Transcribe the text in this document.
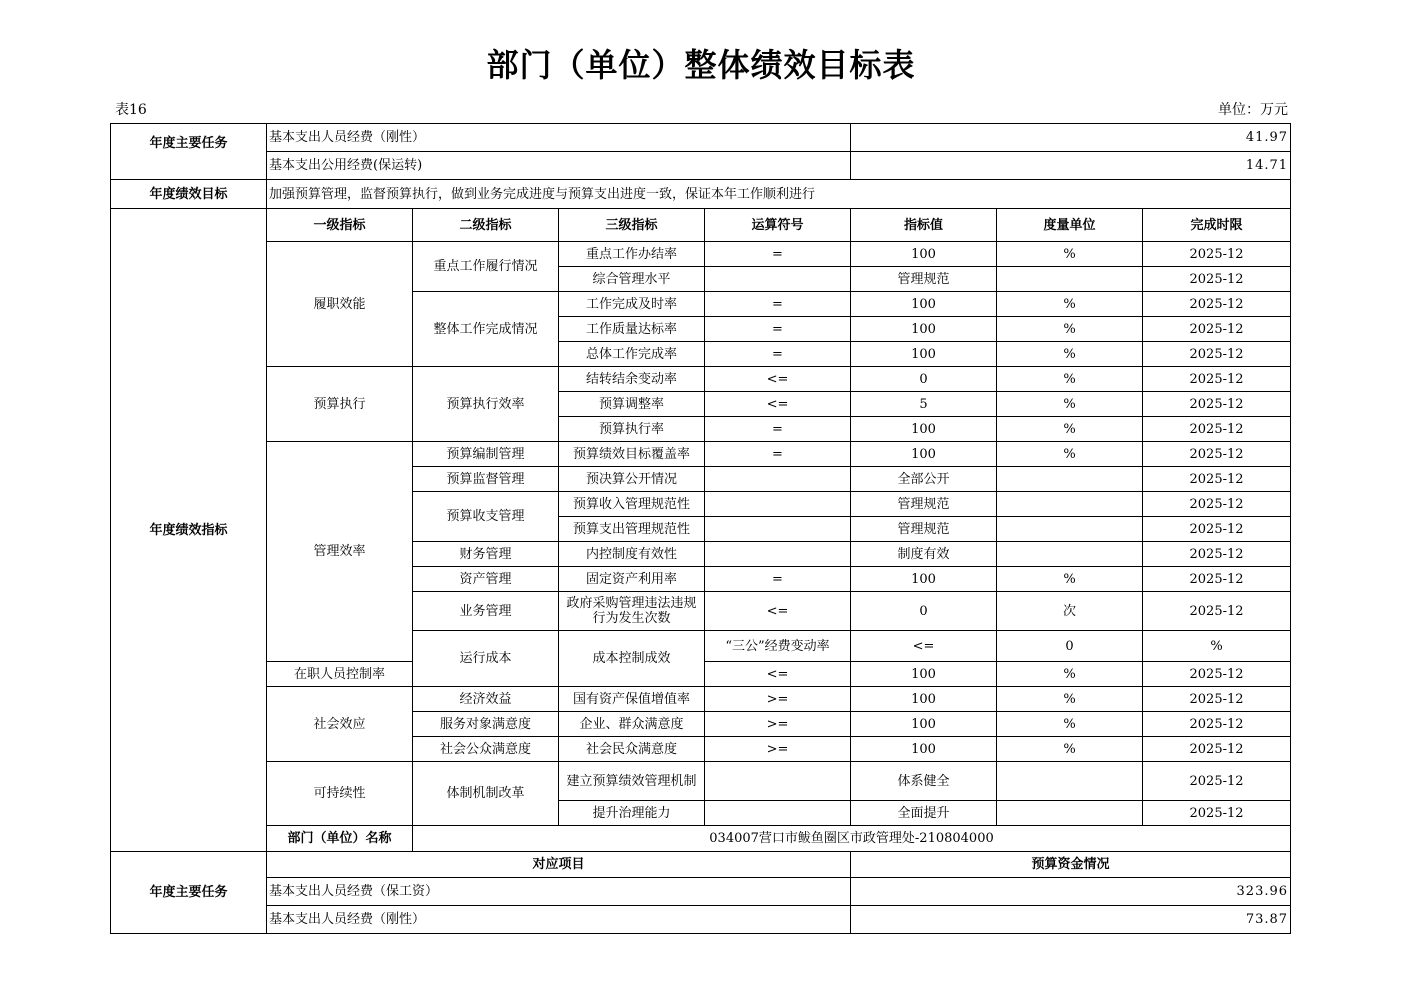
部门（单位）整体绩效目标表
表16	单位：万元
年度主要任务	基本支出人员经费（刚性）				41.97			
	基本支出公用经费(保运转)				14.71			
年度绩效目标	加强预算管理，监督预算执行，做到业务完成进度与预算支出进度一致，保证本年工作顺利进行							
年度绩效指标	一级指标	二级指标	三级指标	运算符号	指标值	度量单位	完成时限	
	履职效能	重点工作履行情况	重点工作办结率	=	100	%	2025-12	
			综合管理水平		管理规范		2025-12	
		整体工作完成情况	工作完成及时率	=	100	%	2025-12	
			工作质量达标率	=	100	%	2025-12	
			总体工作完成率	=	100	%	2025-12	
	预算执行	预算执行效率	结转结余变动率	<=	0	%	2025-12	
			预算调整率	<=	5	%	2025-12	
			预算执行率	=	100	%	2025-12	
	管理效率	预算编制管理	预算绩效目标覆盖率	=	100	%	2025-12	
		预算监督管理	预决算公开情况		全部公开		2025-12	
		预算收支管理	预算收入管理规范性		管理规范		2025-12	
			预算支出管理规范性		管理规范		2025-12	
		财务管理	内控制度有效性		制度有效		2025-12	
		资产管理	固定资产利用率	=	100	%	2025-12	
		业务管理	政府采购管理违法违规行为发生次数	<=	0	次	2025-12	
		运行成本	成本控制成效	“三公”经费变动率	<=	0	%	
	在职人员控制率			<=	100	%	2025-12	
	社会效应	经济效益	国有资产保值增值率	>=	100	%	2025-12	
		服务对象满意度	企业、群众满意度	>=	100	%	2025-12	
		社会公众满意度	社会民众满意度	>=	100	%	2025-12	
	可持续性	体制机制改革	建立预算绩效管理机制		体系健全		2025-12	
			提升治理能力		全面提升		2025-12	
	部门（单位）名称	034007营口市鲅鱼圈区市政管理处-210804000						
年度主要任务	对应项目				预算资金情况			
	基本支出人员经费（保工资）				323.96			
	基本支出人员经费（刚性）				73.87			
